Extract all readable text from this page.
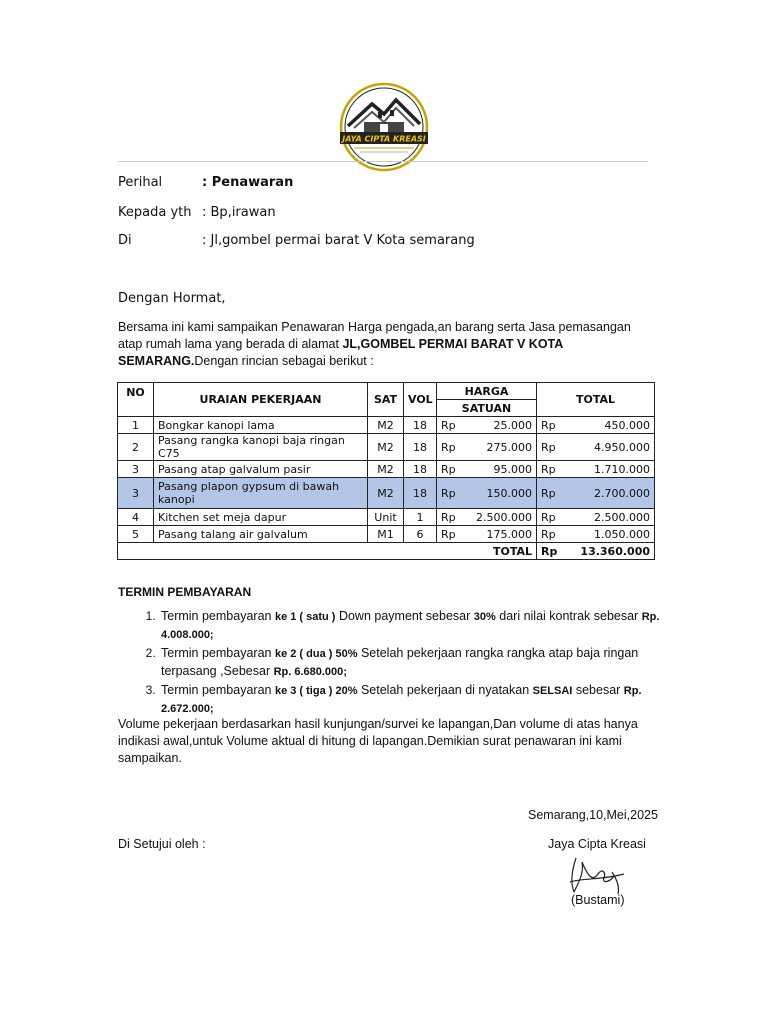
JAYA CIPTA KREASI
Perihal	: Penawaran
Kepada yth : Bp,irawan
Di	: Jl,gombel permai barat V Kota semarang
Dengan Hormat,
Bersama ini kami sampaikan Penawaran Harga pengada,an barang serta Jasa pemasangan atap rumah lama yang berada di alamat JL,GOMBEL PERMAI BARAT V KOTA SEMARANG.Dengan rincian sebagai berikut :
NO	URAIAN PEKERJAAN	SAT	VOL	HARGA		TOTAL	
				SATUAN			
1	Bongkar kanopi lama	M2	18	Rp	25.000	Rp	450.000
2	Pasang rangka kanopi baja ringan C75	M2	18	Rp	275.000	Rp	4.950.000
3	Pasang atap galvalum pasir	M2	18	Rp	95.000	Rp	1.710.000
3	Pasang plapon gypsum di bawah kanopi	M2	18	Rp	150.000	Rp	2.700.000
4	Kitchen set meja dapur	Unit	1	Rp	2.500.000	Rp	2.500.000
5	Pasang talang air galvalum	M1	6	Rp	175.000	Rp	1.050.000
	TOTAL					Rp	13.360.000
TERMIN PEMBAYARAN
1. Termin pembayaran ke 1 ( satu ) Down payment sebesar 30% dari nilai kontrak sebesar Rp. 4.008.000;
2. Termin pembayaran ke 2 ( dua ) 50% Setelah pekerjaan rangka rangka atap baja ringan terpasang ,Sebesar Rp. 6.680.000;
3. Termin pembayaran ke 3 ( tiga ) 20% Setelah pekerjaan di nyatakan SELSAI sebesar Rp. 2.672.000;
Volume pekerjaan berdasarkan hasil kunjungan/survei ke lapangan,Dan volume di atas hanya indikasi awal,untuk Volume aktual di hitung di lapangan.Demikian surat penawaran ini kami sampaikan.
Semarang,10,Mei,2025
Di Setujui oleh :	Jaya Cipta Kreasi
(Bustami)
